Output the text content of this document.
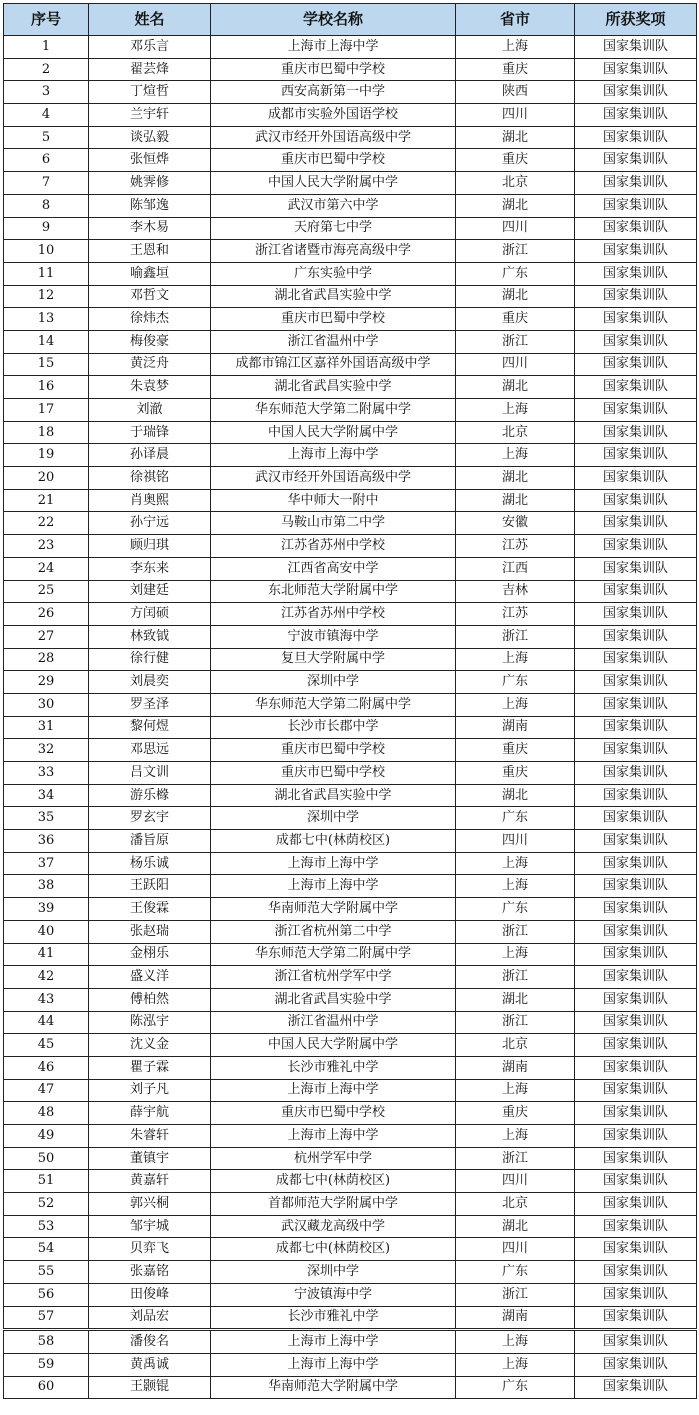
序号	姓名	学校名称	省市	所获奖项
1	邓乐言	上海市上海中学	上海	国家集训队
2	翟芸烽	重庆市巴蜀中学校	重庆	国家集训队
3	丁煊哲	西安高新第一中学	陕西	国家集训队
4	兰宇轩	成都市实验外国语学校	四川	国家集训队
5	谈弘毅	武汉市经开外国语高级中学	湖北	国家集训队
6	张恒烨	重庆市巴蜀中学校	重庆	国家集训队
7	姚霁修	中国人民大学附属中学	北京	国家集训队
8	陈邹逸	武汉市第六中学	湖北	国家集训队
9	李木易	天府第七中学	四川	国家集训队
10	王恩和	浙江省诸暨市海亮高级中学	浙江	国家集训队
11	喻鑫垣	广东实验中学	广东	国家集训队
12	邓哲文	湖北省武昌实验中学	湖北	国家集训队
13	徐炜杰	重庆市巴蜀中学校	重庆	国家集训队
14	梅俊豪	浙江省温州中学	浙江	国家集训队
15	黄泛舟	成都市锦江区嘉祥外国语高级中学	四川	国家集训队
16	朱袁梦	湖北省武昌实验中学	湖北	国家集训队
17	刘澈	华东师范大学第二附属中学	上海	国家集训队
18	于瑞锋	中国人民大学附属中学	北京	国家集训队
19	孙译晨	上海市上海中学	上海	国家集训队
20	徐祺铭	武汉市经开外国语高级中学	湖北	国家集训队
21	肖奥熙	华中师大一附中	湖北	国家集训队
22	孙宁远	马鞍山市第二中学	安徽	国家集训队
23	顾归琪	江苏省苏州中学校	江苏	国家集训队
24	李东来	江西省高安中学	江西	国家集训队
25	刘建廷	东北师范大学附属中学	吉林	国家集训队
26	方闰硕	江苏省苏州中学校	江苏	国家集训队
27	林致钺	宁波市镇海中学	浙江	国家集训队
28	徐行健	复旦大学附属中学	上海	国家集训队
29	刘晨奕	深圳中学	广东	国家集训队
30	罗圣泽	华东师范大学第二附属中学	上海	国家集训队
31	黎何煜	长沙市长郡中学	湖南	国家集训队
32	邓思远	重庆市巴蜀中学校	重庆	国家集训队
33	吕文训	重庆市巴蜀中学校	重庆	国家集训队
34	游乐橼	湖北省武昌实验中学	湖北	国家集训队
35	罗玄宇	深圳中学	广东	国家集训队
36	潘旨原	成都七中(林荫校区)	四川	国家集训队
37	杨乐诚	上海市上海中学	上海	国家集训队
38	王跃阳	上海市上海中学	上海	国家集训队
39	王俊霖	华南师范大学附属中学	广东	国家集训队
40	张赵瑞	浙江省杭州第二中学	浙江	国家集训队
41	金栩乐	华东师范大学第二附属中学	上海	国家集训队
42	盛义洋	浙江省杭州学军中学	浙江	国家集训队
43	傅柏然	湖北省武昌实验中学	湖北	国家集训队
44	陈泓宇	浙江省温州中学	浙江	国家集训队
45	沈义金	中国人民大学附属中学	北京	国家集训队
46	瞿子霖	长沙市雅礼中学	湖南	国家集训队
47	刘子凡	上海市上海中学	上海	国家集训队
48	薛宇航	重庆市巴蜀中学校	重庆	国家集训队
49	朱睿轩	上海市上海中学	上海	国家集训队
50	董镇宇	杭州学军中学	浙江	国家集训队
51	黄嘉轩	成都七中(林荫校区)	四川	国家集训队
52	郭兴桐	首都师范大学附属中学	北京	国家集训队
53	邹宇城	武汉藏龙高级中学	湖北	国家集训队
54	贝弈飞	成都七中(林荫校区)	四川	国家集训队
55	张嘉铭	深圳中学	广东	国家集训队
56	田俊峰	宁波镇海中学	浙江	国家集训队
57	刘品宏	长沙市雅礼中学	湖南	国家集训队
58	潘俊名	上海市上海中学	上海	国家集训队
59	黄禹诚	上海市上海中学	上海	国家集训队
60	王颢锟	华南师范大学附属中学	广东	国家集训队
